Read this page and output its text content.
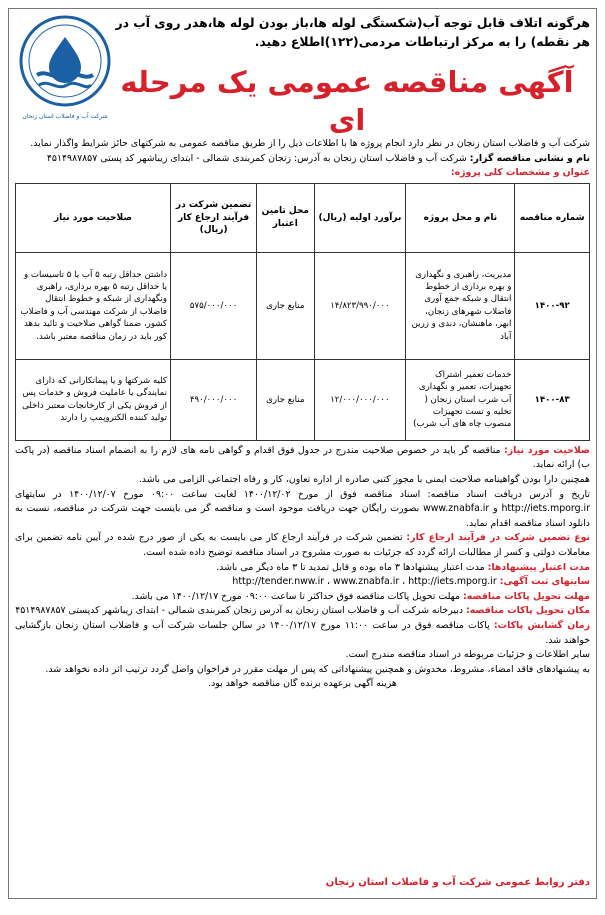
شرکت آب و فاضلاب استان زنجان

هرگونه اتلاف قابل توجه آب(شکستگی لوله ها،باز بودن لوله ها،هدر روی آب در هر نقطه) را به مرکز ارتباطات مردمی(۱۲۲)اطلاع دهید.

آگهی مناقصه عمومی یک مرحله ای

شرکت آب و فاضلاب استان زنجان در نظر دارد انجام پروژه ها با اطلاعات ذیل را از طریق مناقصه عمومی به شرکتهای حائز شرایط واگذار نماید.

نام و نشانی مناقصه گزار: شرکت آب و فاضلاب استان زنجان به آدرس: زنجان کمربندی شمالی - ابتدای زیباشهر کد پستی ۴۵۱۴۹۸۷۸۵۷

عنوان و مشخصات کلی پروژه:

شماره مناقصه	نام و محل پروژه	برآورد اولیه (ریال)	محل تامین اعتبار	تضمین شرکت در فرآیند ارجاع کار (ریال)	صلاحیت مورد نیاز
۱۴۰۰-۹۲	مدیریت، راهبری و نگهداری و بهره برداری از خطوط انتقال و شبکه جمع آوری فاضلاب شهرهای زنجان، ابهر، ماهنشان، دندی و زرین آباد	۱۴/۸۲۳/۹۹۰/۰۰۰	منابع جاری	۵۷۵/۰۰۰/۰۰۰	داشتن حداقل رتبه ۵ آب یا ۵ تاسیسات و یا حداقل رتبه ۵ بهره برداری، راهبری ونگهداری از شبکه و خطوط انتقال فاضلاب از شرکت مهندسی آب و فاضلاب کشور، ضمنا گواهی صلاحیت و تائید بدهد کور باید در زمان مناقصه معتبر باشد.
۱۴۰۰-۸۳	خدمات تعمیر اشتراک تجهیزات، تعمیر و نگهداری آب شرب استان زنجان ( تخلیه و تست تجهیزات منصوب چاه های آب شرب)	۱۲/۰۰۰/۰۰۰/۰۰۰	منابع جاری	۴۹۰/۰۰۰/۰۰۰	کلیه شرکتها و یا پیمانکارانی که دارای نمایندگی یا عاملیت فروش و خدمات پس از فروش یکی از کارخانجات معتبر داخلی تولید کننده الکتروپمپ را دارند

صلاحیت مورد نیاز: مناقصه گر باید در خصوص صلاحیت مندرج در جدول فوق اقدام و گواهی نامه های لازم را به انضمام اسناد مناقصه (در پاکت ب) ارائه نماید.

همچنین دارا بودن گواهینامه صلاحیت ایمنی با مجوز کتبی صادره از اداره تعاون، کار و رفاه اجتماعی الزامی می باشد.

تاریخ و آدرس دریافت اسناد مناقصه: اسناد مناقصه فوق از مورخ ۱۴۰۰/۱۲/۰۲ لغایت ساعت ۰۹:۰۰ مورخ ۱۴۰۰/۱۲/۰۷ در سایتهای http://iets.mporg.ir و www.znabfa.ir بصورت رایگان جهت دریافت موجود است و مناقصه گر می بایست جهت شرکت در مناقصه، نسبت به دانلود اسناد مناقصه اقدام نماید.

نوع تضمین شرکت در فرآیند ارجاع کار: تضمین شرکت در فرآیند ارجاع کار می بایست به یکی از صور درج شده در آیین نامه تضمین برای معاملات دولتی و کسر از مطالبات ارائه گردد که جزئیات به صورت مشروح در اسناد مناقصه توضیح داده شده است.

مدت اعتبار پیشنهادها: مدت اعتبار پیشنهادها ۳ ماه بوده و قابل تمدید تا ۳ ماه دیگر می باشد.

سایتهای ثبت آگهی: http://tender.nww.ir ، www.znabfa.ir ، http://iets.mporg.ir

مهلت تحویل پاکات مناقصه: مهلت تحویل پاکات مناقصه فوق حداکثر تا ساعت ۰۹:۰۰ مورخ ۱۴۰۰/۱۲/۱۷ می باشد.

مکان تحویل پاکات مناقصه: دبیرخانه شرکت آب و فاضلاب استان زنجان به آدرس زنجان کمربندی شمالی - ابتدای زیباشهر کدپستی ۴۵۱۴۹۸۷۸۵۷

زمان گشایش پاکات: پاکات مناقصه فوق در ساعت ۱۱:۰۰ مورخ ۱۴۰۰/۱۲/۱۷ در سالن جلسات شرکت آب و فاضلاب استان زنجان بازگشایی خواهند شد.

سایر اطلاعات و جزئیات مربوطه در اسناد مناقصه مندرج است.

به پیشنهادهای فاقد امضاء، مشروط، مخدوش و همچنین پیشنهاداتی که پس از مهلت مقرر در فراخوان واصل گردد ترتیب اثر داده نخواهد شد.

هزینه آگهی برعهده برنده گان مناقصه خواهد بود.

دفتر روابط عمومی شرکت آب و فاضلاب استان زنجان
